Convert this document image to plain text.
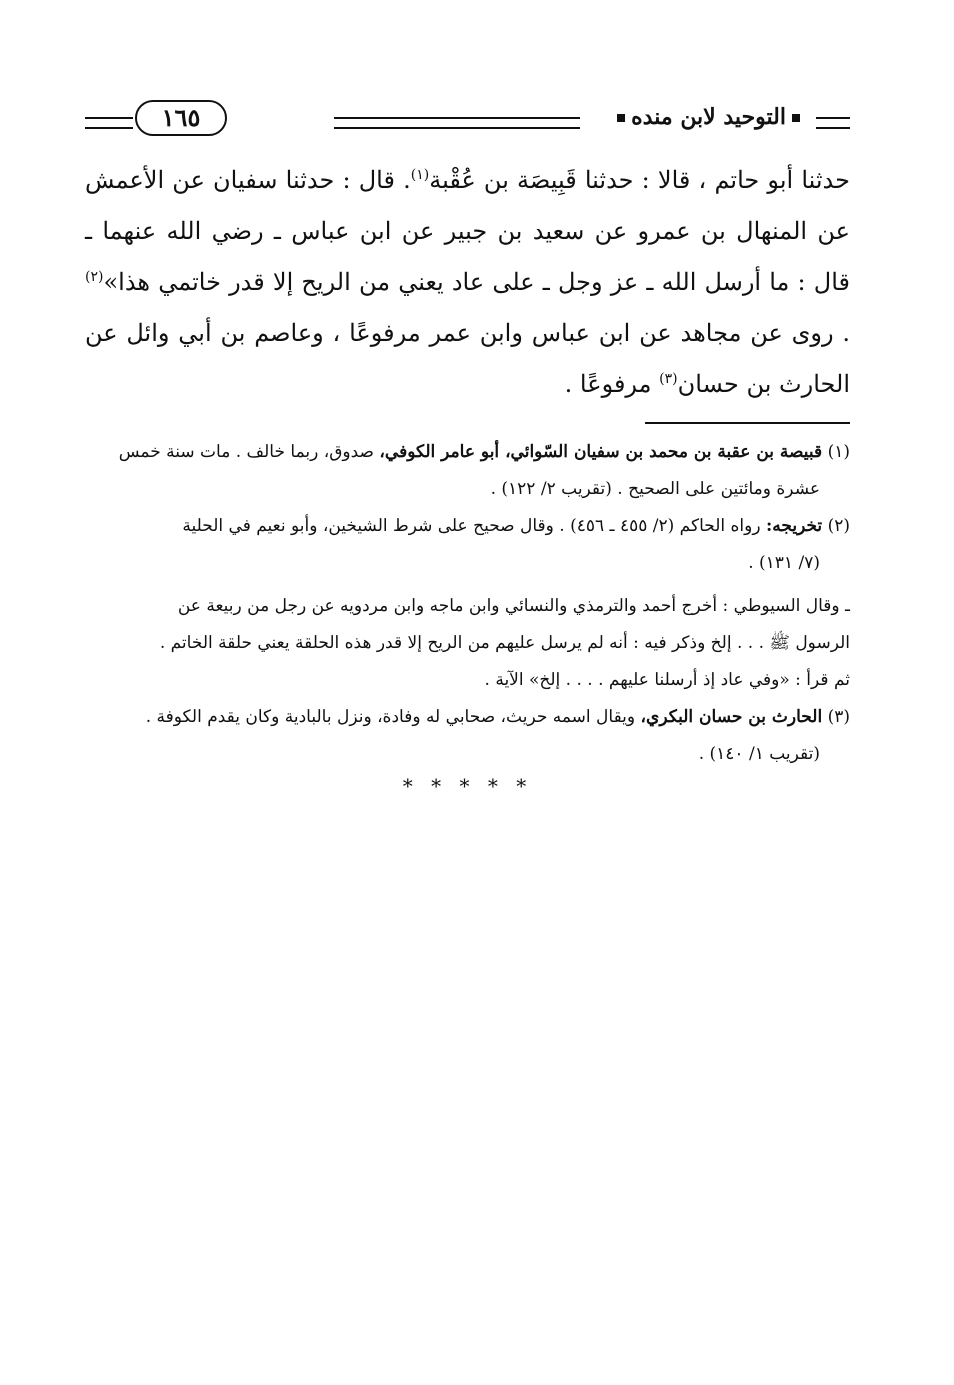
التوحيد لابن منده
١٦٥

حدثنا أبو حاتم ، قالا : حدثنا قَبِيصَة بن عُقْبة$^{(١)}$. قال : حدثنا سفيان عن الأعمش عن المنهال بن عمرو عن سعيد بن جبير عن ابن عباس ـ رضي الله عنهما ـ قال : ما أرسل الله ـ عز وجل ـ على عاد يعني من الريح إلا قدر خاتمي هذا»$^{(٢)}$ . روى عن مجاهد عن ابن عباس وابن عمر مرفوعًا ، وعاصم بن أبي وائل عن الحارث بن حسان$^{(٣)}$ مرفوعًا .

(١) قبيصة بن عقبة بن محمد بن سفيان السّوائي، أبو عامر الكوفي، صدوق، ربما خالف . مات سنة خمس
عشرة ومائتين على الصحيح . (تقريب ٢/ ١٢٢) .

(٢) تخريجه: رواه الحاكم (٢/ ٤٥٥ ـ ٤٥٦) . وقال صحيح على شرط الشيخين، وأبو نعيم في الحلية
(٧/ ١٣١) .

ـ وقال السيوطي : أخرج أحمد والترمذي والنسائي وابن ماجه وابن مردويه عن رجل من ربيعة عن
الرسول ﷺ . . . إلخ وذكر فيه : أنه لم يرسل عليهم من الريح إلا قدر هذه الحلقة يعني حلقة الخاتم .
ثم قرأ : «وفي عاد إذ أرسلنا عليهم . . . . إلخ» الآية .

(٣) الحارث بن حسان البكري، ويقال اسمه حريث، صحابي له وفادة، ونزل بالبادية وكان يقدم الكوفة .
(تقريب ١/ ١٤٠) .

* * * * *
